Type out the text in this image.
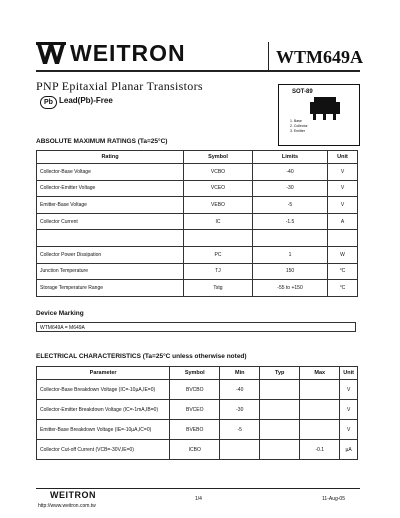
WEITRON	WTM649A
PNP Epitaxial Planar Transistors
Pb Lead(Pb)-Free
SOT-89
1. Base
2. Collector
3. Emitter
ABSOLUTE MAXIMUM RATINGS (Ta=25°C)
Rating	Symbol	Limits	Unit
Collector-Base Voltage	VCBO	-40	V
Collector-Emitter Voltage	VCEO	-30	V
Emitter-Base Voltage	VEBO	-5	V
Collector Current	IC	-1.5	A

Collector Power Dissipation	PC	1	W
Junction Temperature	TJ	150	°C
Storage Temperature Range	Tstg	-55 to +150	°C
Device Marking
WTM649A = M649A
ELECTRICAL CHARACTERISTICS (Ta=25°C unless otherwise noted)
Parameter	Symbol	Min	Typ	Max	Unit
Collector-Base Breakdown Voltage (IC=-10µA,IE=0)	BVCBO	-40			V
Collector-Emitter Breakdown Voltage (IC=-1mA,IB=0)	BVCEO	-30			V
Emitter-Base Breakdown Voltage (IE=-10µA,IC=0)	BVEBO	-5			V
Collector Cut-off Current (VCB=-30V,IE=0)	ICBO			-0.1	µA
WEITRON
http://www.weitron.com.tw
1/4	11-Aug-05
